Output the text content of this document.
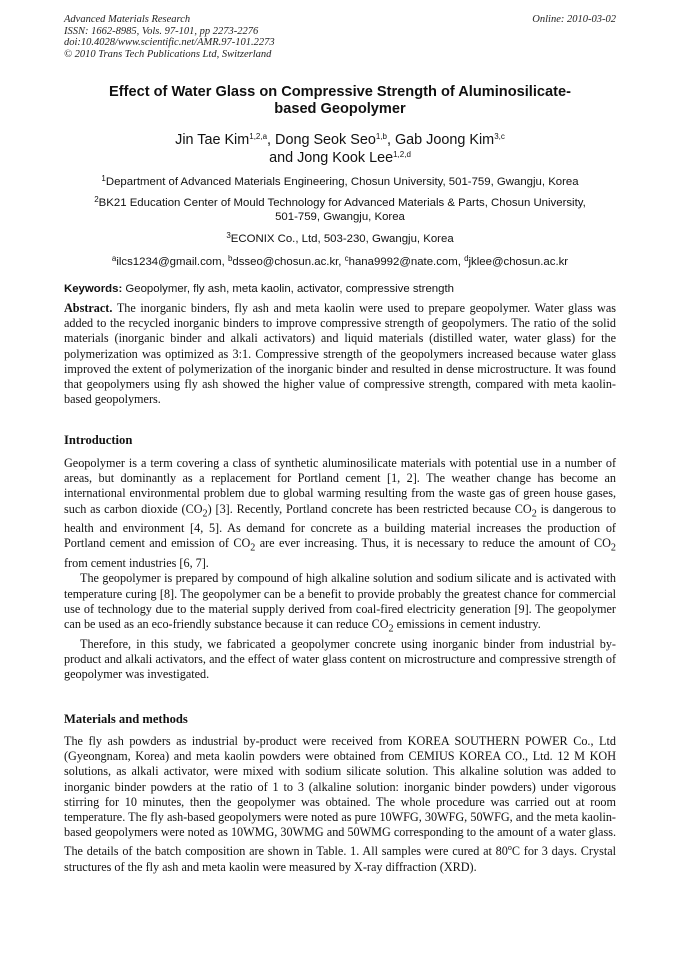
Advanced Materials Research
ISSN: 1662-8985, Vols. 97-101, pp 2273-2276
doi:10.4028/www.scientific.net/AMR.97-101.2273
© 2010 Trans Tech Publications Ltd, Switzerland
Online: 2010-03-02
Effect of Water Glass on Compressive Strength of Aluminosilicate-
based Geopolymer
Jin Tae Kim$^{1,2,a}$, Dong Seok Seo$^{1,b}$, Gab Joong Kim$^{3,c}$
and Jong Kook Lee$^{1,2,d}$
$^1$Department of Advanced Materials Engineering, Chosun University, 501-759, Gwangju, Korea
$^2$BK21 Education Center of Mould Technology for Advanced Materials & Parts, Chosun University,
501-759, Gwangju, Korea
$^3$ECONIX Co., Ltd, 503-230, Gwangju, Korea
$^a$ilcs1234@gmail.com, $^b$dsseo@chosun.ac.kr, $^c$hana9992@nate.com, $^d$jklee@chosun.ac.kr
Keywords: Geopolymer, fly ash, meta kaolin, activator, compressive strength

Abstract. The inorganic binders, fly ash and meta kaolin were used to prepare geopolymer. Water glass was added to the recycled inorganic binders to improve compressive strength of geopolymers. The ratio of the solid materials (inorganic binder and alkali activators) and liquid materials (distilled water, water glass) for the polymerization was optimized as 3:1. Compressive strength of the geopolymers increased because water glass improved the extent of polymerization of the inorganic binder and resulted in dense microstructure. It was found that geopolymers using fly ash showed the higher value of compressive strength, compared with meta kaolin- based geopolymers.

Introduction

Geopolymer is a term covering a class of synthetic aluminosilicate materials with potential use in a number of areas, but dominantly as a replacement for Portland cement [1, 2]. The weather change has become an international environmental problem due to global warming resulting from the waste gas of green house gases, such as carbon dioxide $(CO_2)$ [3]. Recently, Portland concrete has been restricted because $CO_2$ is dangerous to health and environment [4, 5]. As demand for concrete as a building material increases the production of Portland cement and emission of $CO_2$ are ever increasing. Thus, it is necessary to reduce the amount of $CO_2$ from cement industries [6, 7].

The geopolymer is prepared by compound of high alkaline solution and sodium silicate and is activated with temperature curing [8]. The geopolymer can be a benefit to provide probably the greatest chance for commercial use of technology due to the material supply derived from coal-fired electricity generation [9]. The geopolymer can be used as an eco-friendly substance because it can reduce $CO_2$ emissions in cement industry.

Therefore, in this study, we fabricated a geopolymer concrete using inorganic binder from industrial by-product and alkali activators, and the effect of water glass content on microstructure and compressive strength of geopolymer was investigated.

Materials and methods

The fly ash powders as industrial by-product were received from KOREA SOUTHERN POWER Co., Ltd (Gyeongnam, Korea) and meta kaolin powders were obtained from CEMIUS KOREA CO., Ltd. 12 M KOH solutions, as alkali activator, were mixed with sodium silicate solution. This alkaline solution was added to inorganic binder powders at the ratio of 1 to 3 (alkaline solution: inorganic binder powders) under vigorous stirring for 10 minutes, then the geopolymer was obtained. The whole procedure was carried out at room temperature. The fly ash-based geopolymers were noted as pure 10WFG, 30WFG, 50WFG, and the meta kaolin-based geopolymers were noted as 10WMG, 30WMG and 50WMG corresponding to the amount of a water glass. The details of the batch composition are shown in Table. 1. All samples were cured at 80$^o$C for 3 days. Crystal structures of the fly ash and meta kaolin were measured by X-ray diffraction (XRD).
